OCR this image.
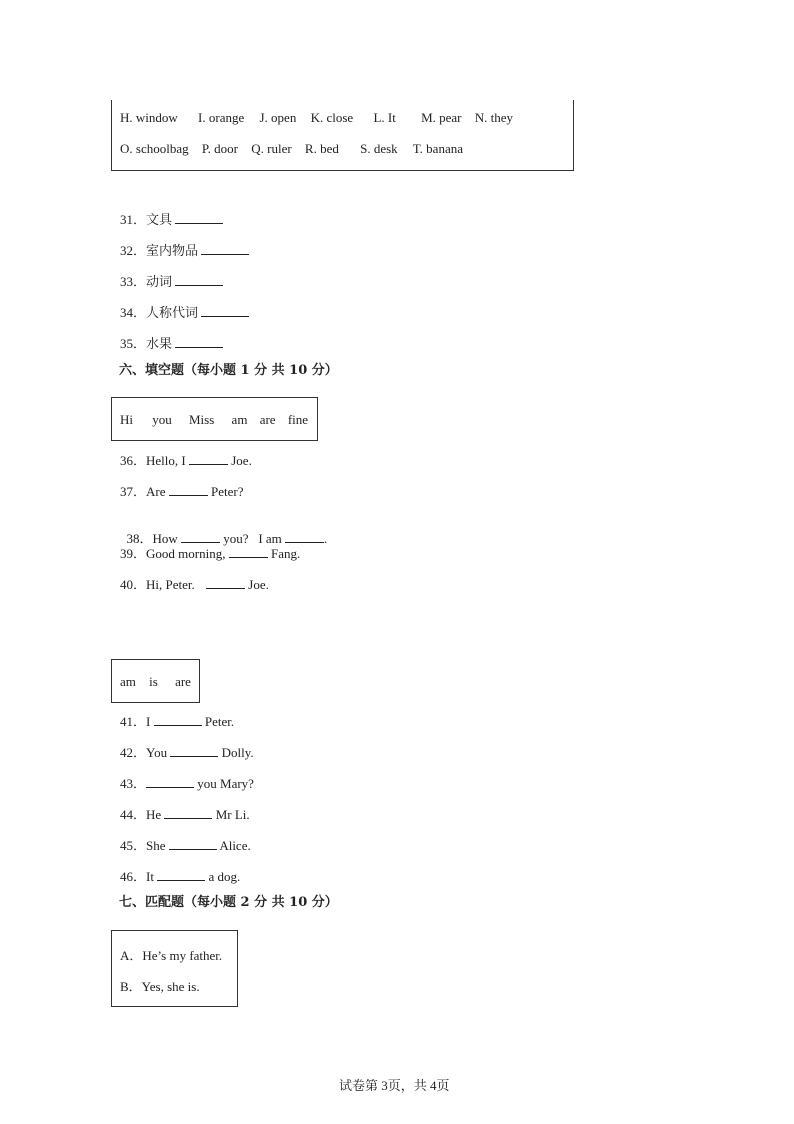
H. window I. orange J. open K. close L. It M. pear N. they
O. schoolbag P. door Q. ruler R. bed S. desk T. banana
31．文具
32．室内物品
33．动词
34．人称代词
35．水果
六、填空题（每小题 1 分 共 10 分）
Hi you Miss am are fine
36．Hello, I	Joe.
37．Are	Peter?

38．How	you?   I am	.

39．Good morning,	Fang.
40．Hi, Peter.	Joe.
am is are
41．I	Peter.
42．You	Dolly.
43．	you Mary?
44．He	Mr Li.
45．She	Alice.
46．It	a dog.
七、匹配题（每小题 2 分 共 10 分）
A．He’s my father.
B．Yes, she is.
试卷第 3页，共 4页
